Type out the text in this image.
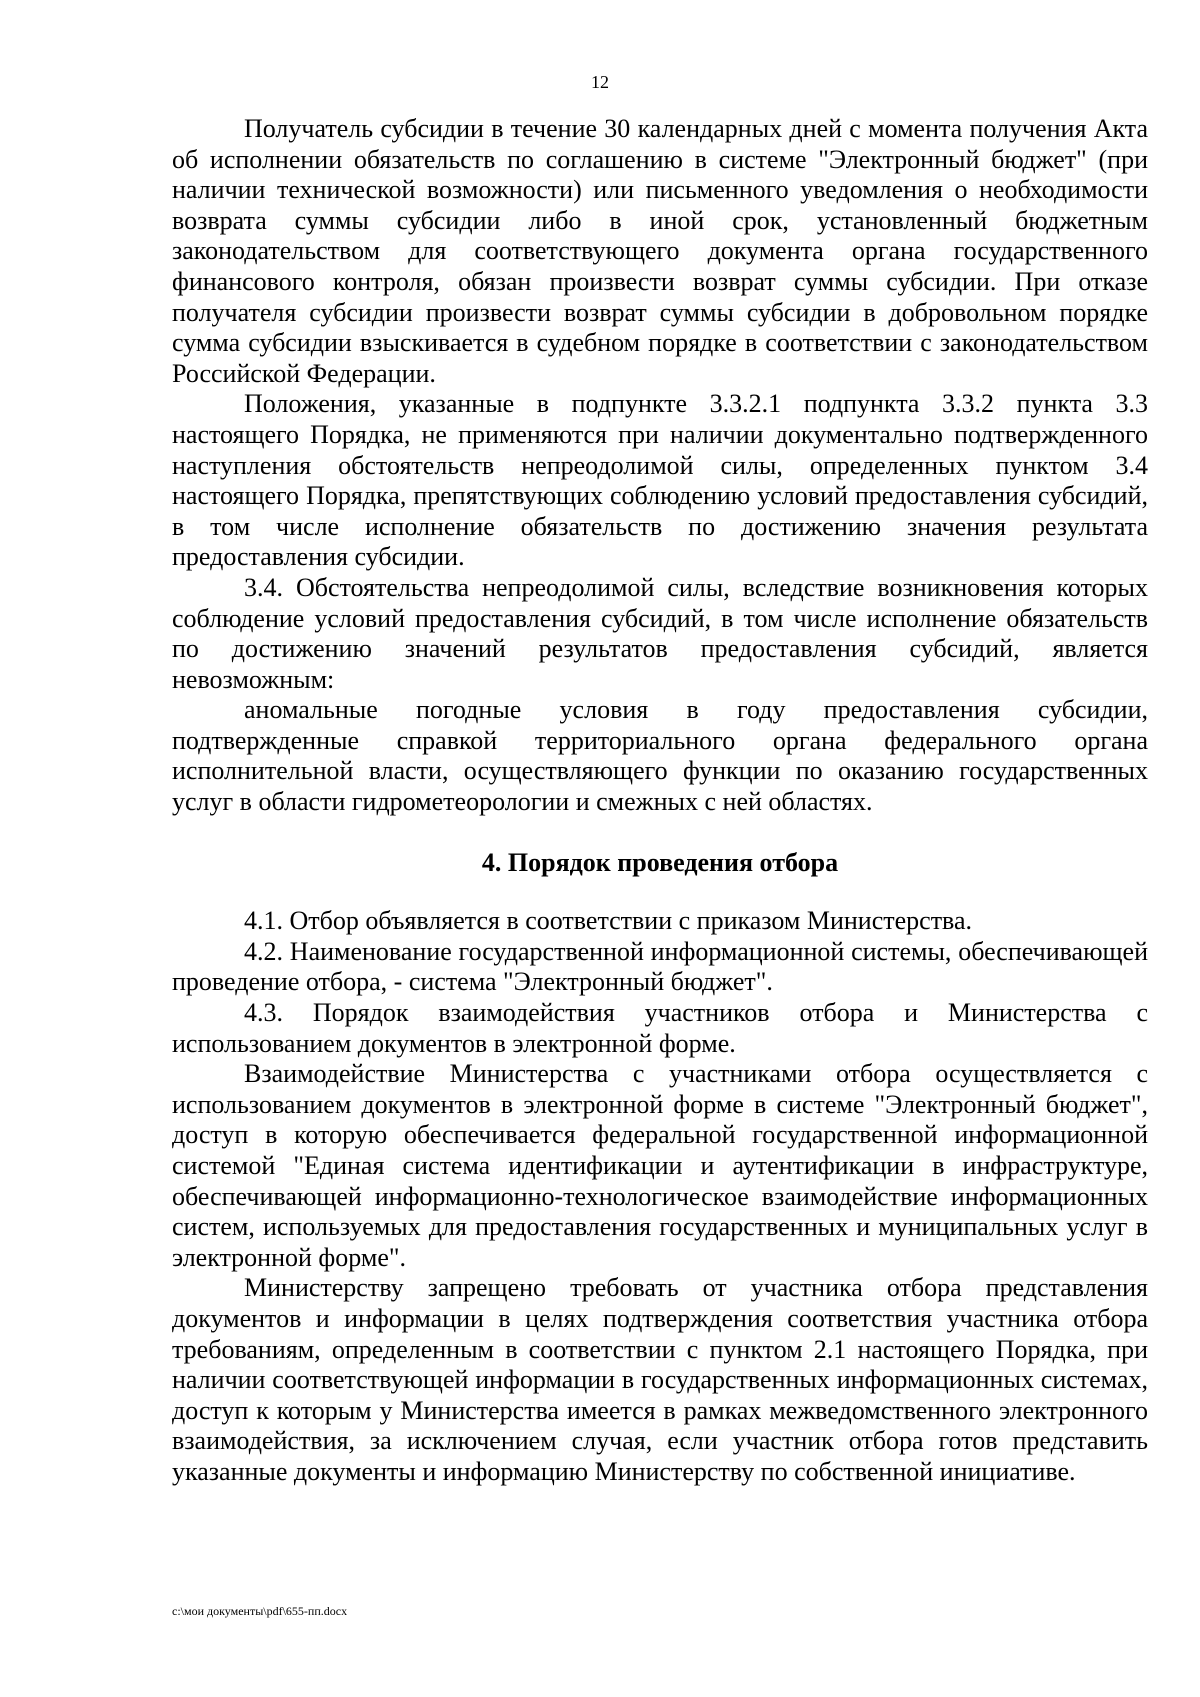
12

Получатель субсидии в течение 30 календарных дней с момента получения Акта об исполнении обязательств по соглашению в системе "Электронный бюджет" (при наличии технической возможности) или письменного уведомления о необходимости возврата суммы субсидии либо в иной срок, установленный бюджетным законодательством для соответствующего документа органа государственного финансового контроля, обязан произвести возврат суммы субсидии. При отказе получателя субсидии произвести возврат суммы субсидии в добровольном порядке сумма субсидии взыскивается в судебном порядке в соответствии с законодательством Российской Федерации.

Положения, указанные в подпункте 3.3.2.1 подпункта 3.3.2 пункта 3.3 настоящего Порядка, не применяются при наличии документально подтвержденного наступления обстоятельств непреодолимой силы, определенных пунктом 3.4 настоящего Порядка, препятствующих соблюдению условий предоставления субсидий, в том числе исполнение обязательств по достижению значения результата предоставления субсидии.

3.4. Обстоятельства непреодолимой силы, вследствие возникновения которых соблюдение условий предоставления субсидий, в том числе исполнение обязательств по достижению значений результатов предоставления субсидий, является невозможным:

аномальные погодные условия в году предоставления субсидии, подтвержденные справкой территориального органа федерального органа исполнительной власти, осуществляющего функции по оказанию государственных услуг в области гидрометеорологии и смежных с ней областях.

4. Порядок проведения отбора

4.1. Отбор объявляется в соответствии с приказом Министерства.

4.2. Наименование государственной информационной системы, обеспечивающей проведение отбора, - система "Электронный бюджет".

4.3. Порядок взаимодействия участников отбора и Министерства с использованием документов в электронной форме.

Взаимодействие Министерства с участниками отбора осуществляется с использованием документов в электронной форме в системе "Электронный бюджет", доступ в которую обеспечивается федеральной государственной информационной системой "Единая система идентификации и аутентификации в инфраструктуре, обеспечивающей информационно-технологическое взаимодействие информационных систем, используемых для предоставления государственных и муниципальных услуг в электронной форме".

Министерству запрещено требовать от участника отбора представления документов и информации в целях подтверждения соответствия участника отбора требованиям, определенным в соответствии с пунктом 2.1 настоящего Порядка, при наличии соответствующей информации в государственных информационных системах, доступ к которым у Министерства имеется в рамках межведомственного электронного взаимодействия, за исключением случая, если участник отбора готов представить указанные документы и информацию Министерству по собственной инициативе.

c:\мои документы\pdf\655-пп.docx
